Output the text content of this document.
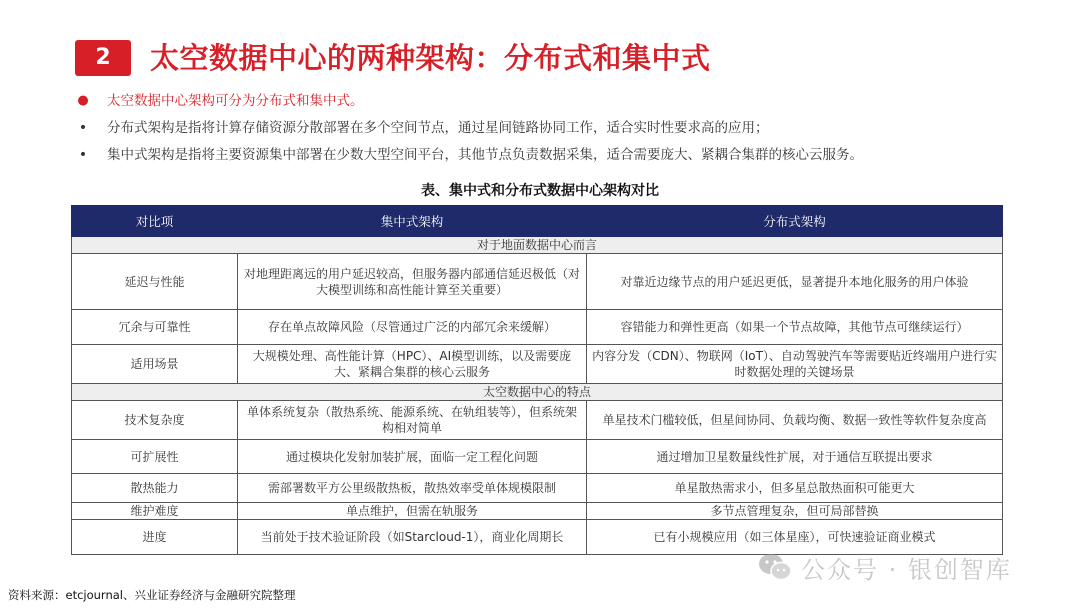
2	太空数据中心的两种架构：分布式和集中式
● 太空数据中心架构可分为分布式和集中式。
• 分布式架构是指将计算存储资源分散部署在多个空间节点，通过星间链路协同工作，适合实时性要求高的应用；
• 集中式架构是指将主要资源集中部署在少数大型空间平台，其他节点负责数据采集，适合需要庞大、紧耦合集群的核心云服务。
表、集中式和分布式数据中心架构对比
对比项	集中式架构	分布式架构
对于地面数据中心而言		
延迟与性能	对地理距离远的用户延迟较高，但服务器内部通信延迟极低（对大模型训练和高性能计算至关重要）	对靠近边缘节点的用户延迟更低，显著提升本地化服务的用户体验
冗余与可靠性	存在单点故障风险（尽管通过广泛的内部冗余来缓解）	容错能力和弹性更高（如果一个节点故障，其他节点可继续运行）
适用场景	大规模处理、高性能计算（HPC）、AI模型训练，以及需要庞大、紧耦合集群的核心云服务	内容分发（CDN）、物联网（IoT）、自动驾驶汽车等需要贴近终端用户进行实时数据处理的关键场景
太空数据中心的特点		
技术复杂度	单体系统复杂（散热系统、能源系统、在轨组装等），但系统架构相对简单	单星技术门槛较低，但星间协同、负载均衡、数据一致性等软件复杂度高
可扩展性	通过模块化发射加装扩展，面临一定工程化问题	通过增加卫星数量线性扩展，对于通信互联提出要求
散热能力	需部署数平方公里级散热板，散热效率受单体规模限制	单星散热需求小，但多星总散热面积可能更大
维护难度	单点维护，但需在轨服务	多节点管理复杂，但可局部替换
进度	当前处于技术验证阶段（如Starcloud-1），商业化周期长	已有小规模应用（如三体星座），可快速验证商业模式
资料来源：etcjournal、兴业证券经济与金融研究院整理
公众号 · 银创智库
